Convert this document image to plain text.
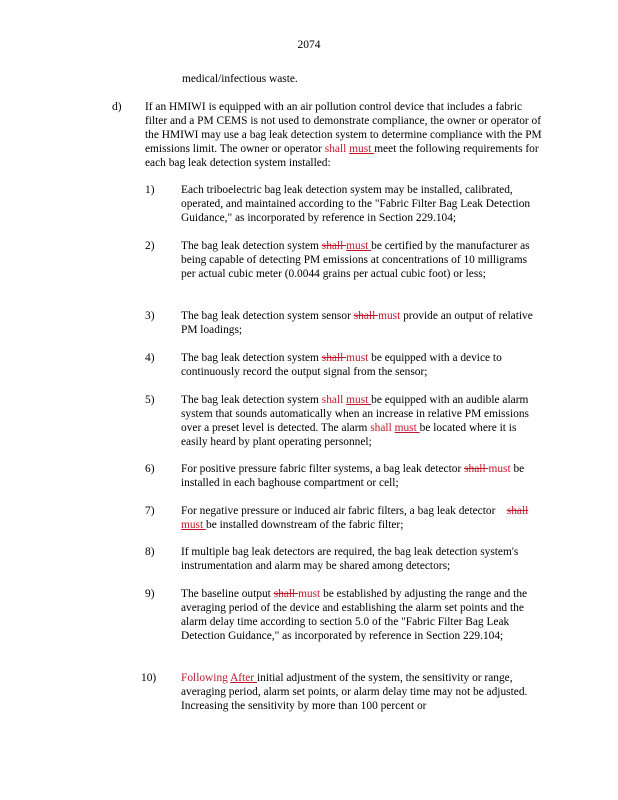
2074

medical/infectious waste.

d) If an HMIWI is equipped with an air pollution control device that includes a fabric filter and a PM CEMS is not used to demonstrate compliance, the owner or operator of the HMIWI may use a bag leak detection system to determine compliance with the PM emissions limit. The owner or operator shall must meet the following requirements for each bag leak detection system installed:

1) Each triboelectric bag leak detection system may be installed, calibrated, operated, and maintained according to the "Fabric Filter Bag Leak Detection Guidance," as incorporated by reference in Section 229.104;

2) The bag leak detection system shall must be certified by the manufacturer as being capable of detecting PM emissions at concentrations of 10 milligrams per actual cubic meter (0.0044 grains per actual cubic foot) or less;

3) The bag leak detection system sensor shall must provide an output of relative PM loadings;

4) The bag leak detection system shall must be equipped with a device to continuously record the output signal from the sensor;

5) The bag leak detection system shall must be equipped with an audible alarm system that sounds automatically when an increase in relative PM emissions over a preset level is detected. The alarm shall must be located where it is easily heard by plant operating personnel;

6) For positive pressure fabric filter systems, a bag leak detector shall must be installed in each baghouse compartment or cell;

7) For negative pressure or induced air fabric filters, a bag leak detector    shall must be installed downstream of the fabric filter;

8) If multiple bag leak detectors are required, the bag leak detection system's instrumentation and alarm may be shared among detectors;

9) The baseline output shall must be established by adjusting the range and the averaging period of the device and establishing the alarm set points and the alarm delay time according to section 5.0 of the "Fabric Filter Bag Leak Detection Guidance," as incorporated by reference in Section 229.104;

10) Following After initial adjustment of the system, the sensitivity or range, averaging period, alarm set points, or alarm delay time may not be adjusted. Increasing the sensitivity by more than 100 percent or
